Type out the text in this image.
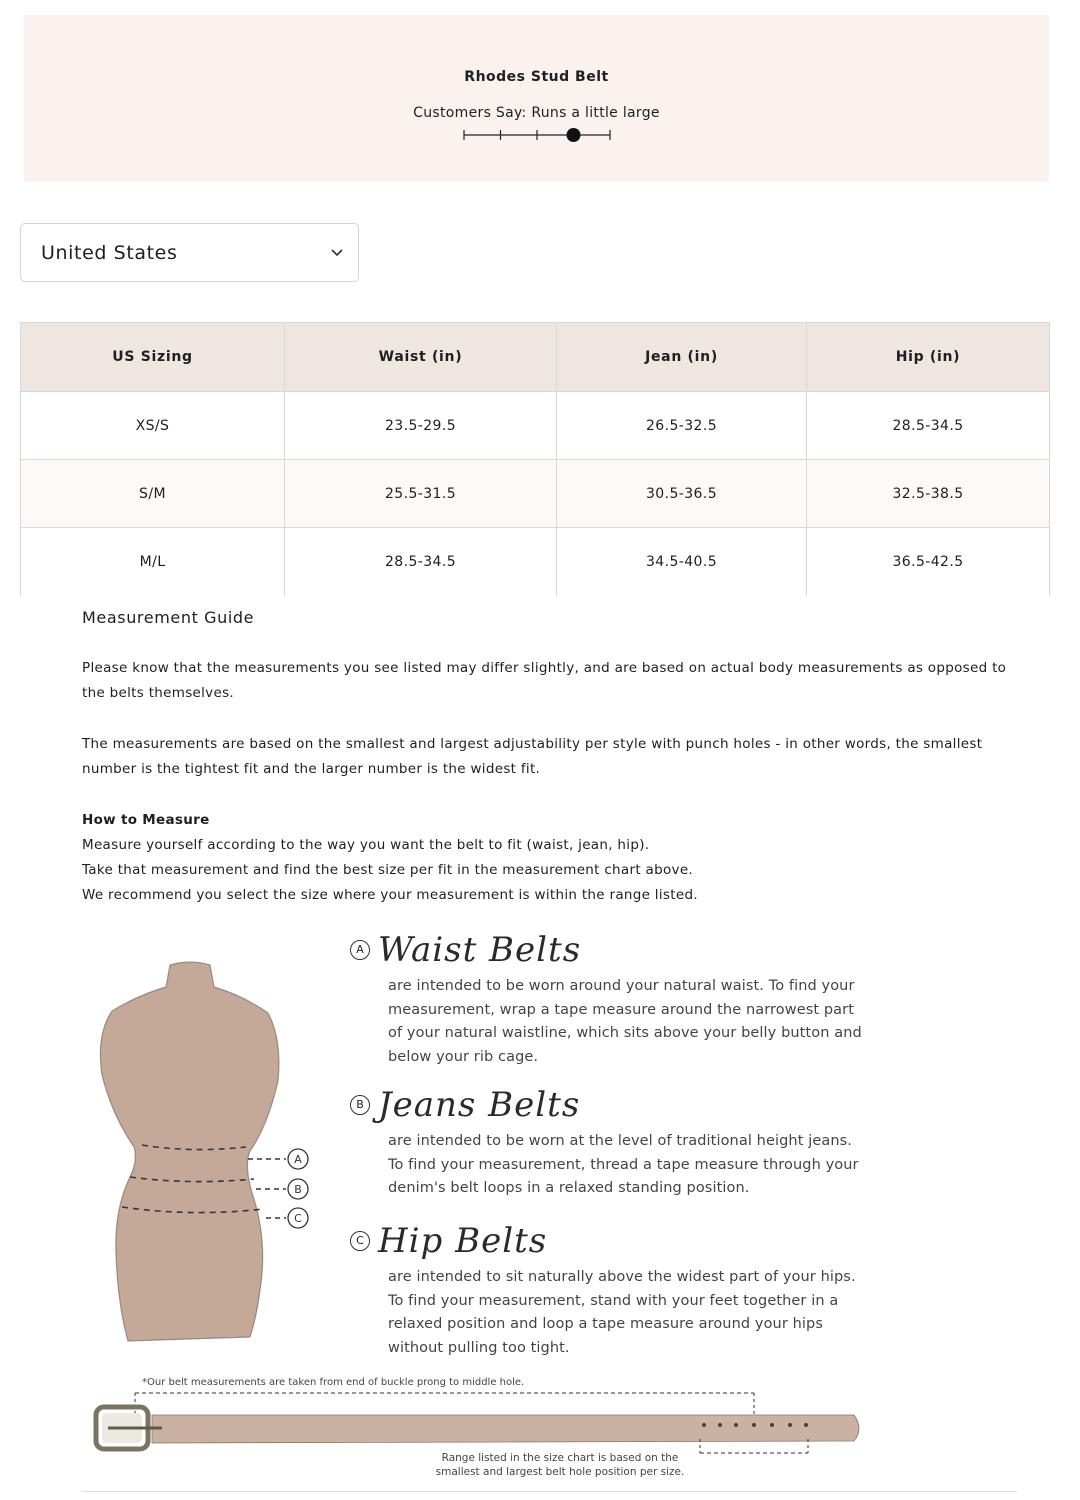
Rhodes Stud Belt
Customers Say: Runs a little large
United States
US Sizing	Waist (in)	Jean (in)	Hip (in)
XS/S	23.5-29.5	26.5-32.5	28.5-34.5
S/M	25.5-31.5	30.5-36.5	32.5-38.5
M/L	28.5-34.5	34.5-40.5	36.5-42.5
Measurement Guide

Please know that the measurements you see listed may differ slightly, and are based on actual body measurements as opposed to the belts themselves.

The measurements are based on the smallest and largest adjustability per style with punch holes - in other words, the smallest number is the tightest fit and the larger number is the widest fit.

How to Measure

Measure yourself according to the way you want the belt to fit (waist, jean, hip).

Take that measurement and find the best size per fit in the measurement chart above.

We recommend you select the size where your measurement is within the range listed.

A
B
C
A Waist Belts
are intended to be worn around your natural waist. To find your measurement, wrap a tape measure around the narrowest part of your natural waistline, which sits above your belly button and below your rib cage.
B Jeans Belts
are intended to be worn at the level of traditional height jeans. To find your measurement, thread a tape measure through your denim's belt loops in a relaxed standing position.
C Hip Belts
are intended to sit naturally above the widest part of your hips. To find your measurement, stand with your feet together in a relaxed position and loop a tape measure around your hips without pulling too tight.
*Our belt measurements are taken from end of buckle prong to middle hole.
Range listed in the size chart is based on the smallest and largest belt hole position per size.
